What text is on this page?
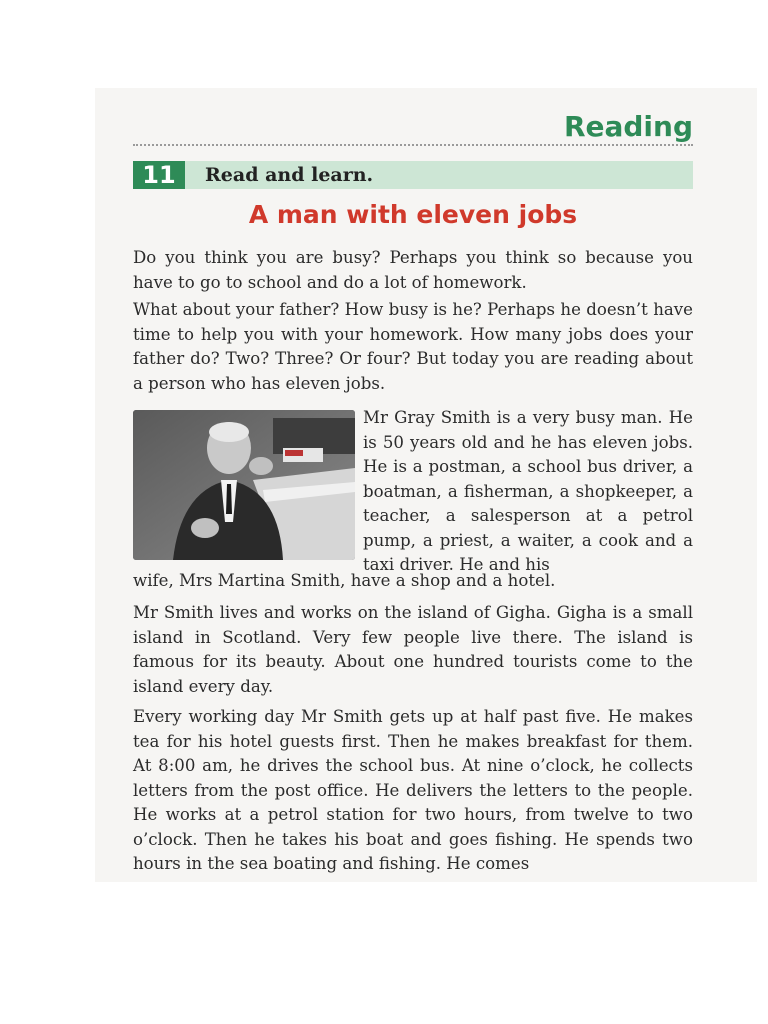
Reading
11	Read and learn.
A man with eleven jobs

Do you think you are busy? Perhaps you think so because you have to go to school and do a lot of homework.

What about your father? How busy is he? Perhaps he doesn’t have time to help you with your homework. How many jobs does your father do? Two? Three? Or four? But today you are reading about a person who has eleven jobs.

Mr Gray Smith is a very busy man. He is 50 years old and he has eleven jobs. He is a postman, a school bus driver, a boatman, a fisherman, a shopkeeper, a teacher, a salesperson at a petrol pump, a priest, a waiter, a cook and a taxi driver. He and his

wife, Mrs Martina Smith, have a shop and a hotel.

Mr Smith lives and works on the island of Gigha. Gigha is a small island in Scotland. Very few people live there. The island is famous for its beauty. About one hundred tourists come to the island every day.

Every working day Mr Smith gets up at half past five. He makes tea for his hotel guests first. Then he makes breakfast for them. At 8:00 am, he drives the school bus. At nine o’clock, he collects letters from the post office. He delivers the letters to the people. He works at a petrol station for two hours, from twelve to two o’clock. Then he takes his boat and goes fishing. He spends two hours in the sea boating and fishing. He comes
